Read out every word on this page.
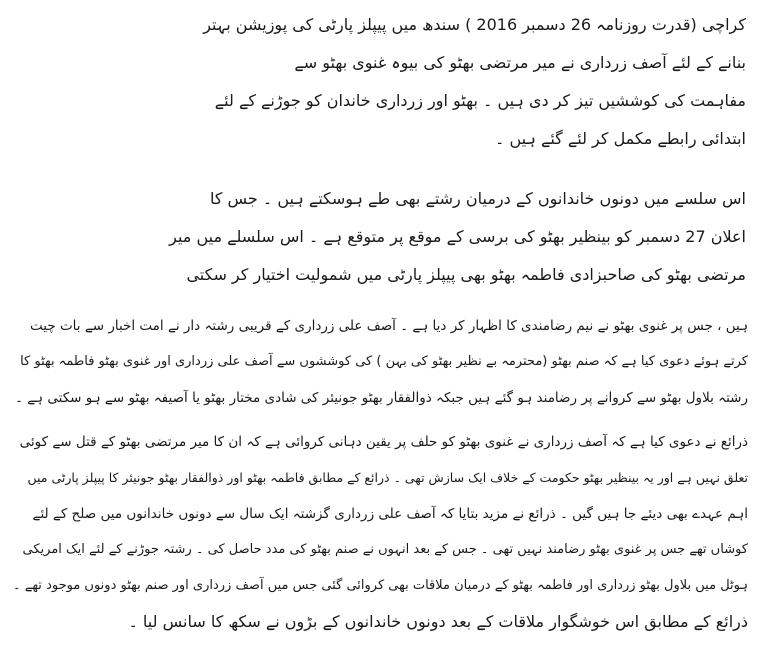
کراچی (قدرت روزنامہ 26 دسمبر 2016 ) سندھ میں پیپلز پارٹی کی پوزیشن بہتر
بنانے کے لئے آصف زرداری نے میر مرتضی بھٹو کی بیوہ غنوی بھٹو سے
مفاہمت کی کوششیں تیز کر دی ہیں ۔ بھٹو اور زرداری خاندان کو جوڑنے کے لئے
ابتدائی رابطے مکمل کر لئے گئے ہیں ۔
اس سلسے میں دونوں خاندانوں کے درمیان رشتے بھی طے ہوسکتے ہیں ۔ جس کا
اعلان 27 دسمبر کو بینظیر بھٹو کی برسی کے موقع پر متوقع ہے ۔ اس سلسلے میں میر
مرتضی بھٹو کی صاحبزادی فاطمہ بھٹو بھی پیپلز پارٹی میں شمولیت اختیار کر سکتی
ہیں ، جس پر غنوی بھٹو نے نیم رضامندی کا اظہار کر دیا ہے ۔ آصف علی زرداری کے قریبی رشتہ دار نے امت اخبار سے بات چیت
کرتے ہوئے دعوی کیا ہے کہ صنم بھٹو (محترمہ بے نظیر بھٹو کی بہن ) کی کوششوں سے آصف علی زرداری اور غنوی بھٹو فاطمہ بھٹو کا
رشتہ بلاول بھٹو سے کروانے پر رضامند ہو گئے ہیں جبکہ ذوالفقار بھٹو جونیئر کی شادی مختار بھٹو یا آصیفہ بھٹو سے ہو سکتی ہے ۔
ذرائع نے دعوی کیا ہے کہ آصف زرداری نے غنوی بھٹو کو حلف پر یقین دہانی کروائی ہے کہ ان کا میر مرتضی بھٹو کے قتل سے کوئی
تعلق نہیں ہے اور یہ بینظیر بھٹو حکومت کے خلاف ایک سازش تھی ۔ ذرائع کے مطابق فاطمہ بھٹو اور ذوالفقار بھٹو جونیئر کا پیپلز پارٹی میں
اہم عہدے بھی دیئے جا ہیں گیں ۔ ذرائع نے مزید بتایا کہ آصف علی زرداری گزشتہ ایک سال سے دونوں خاندانوں میں صلح کے لئے
کوشاں تھے جس پر غنوی بھٹو رضامند نہیں تھی ۔ جس کے بعد انہوں نے صنم بھٹو کی مدد حاصل کی ۔ رشتہ جوڑنے کے لئے ایک امریکی
ہوٹل میں بلاول بھٹو زرداری اور فاطمہ بھٹو کے درمیان ملاقات بھی کروائی گئی جس میں آصف زرداری اور صنم بھٹو دونوں موجود تھے ۔
ذرائع کے مطابق اس خوشگوار ملاقات کے بعد دونوں خاندانوں کے بڑوں نے سکھ کا سانس لیا ۔
